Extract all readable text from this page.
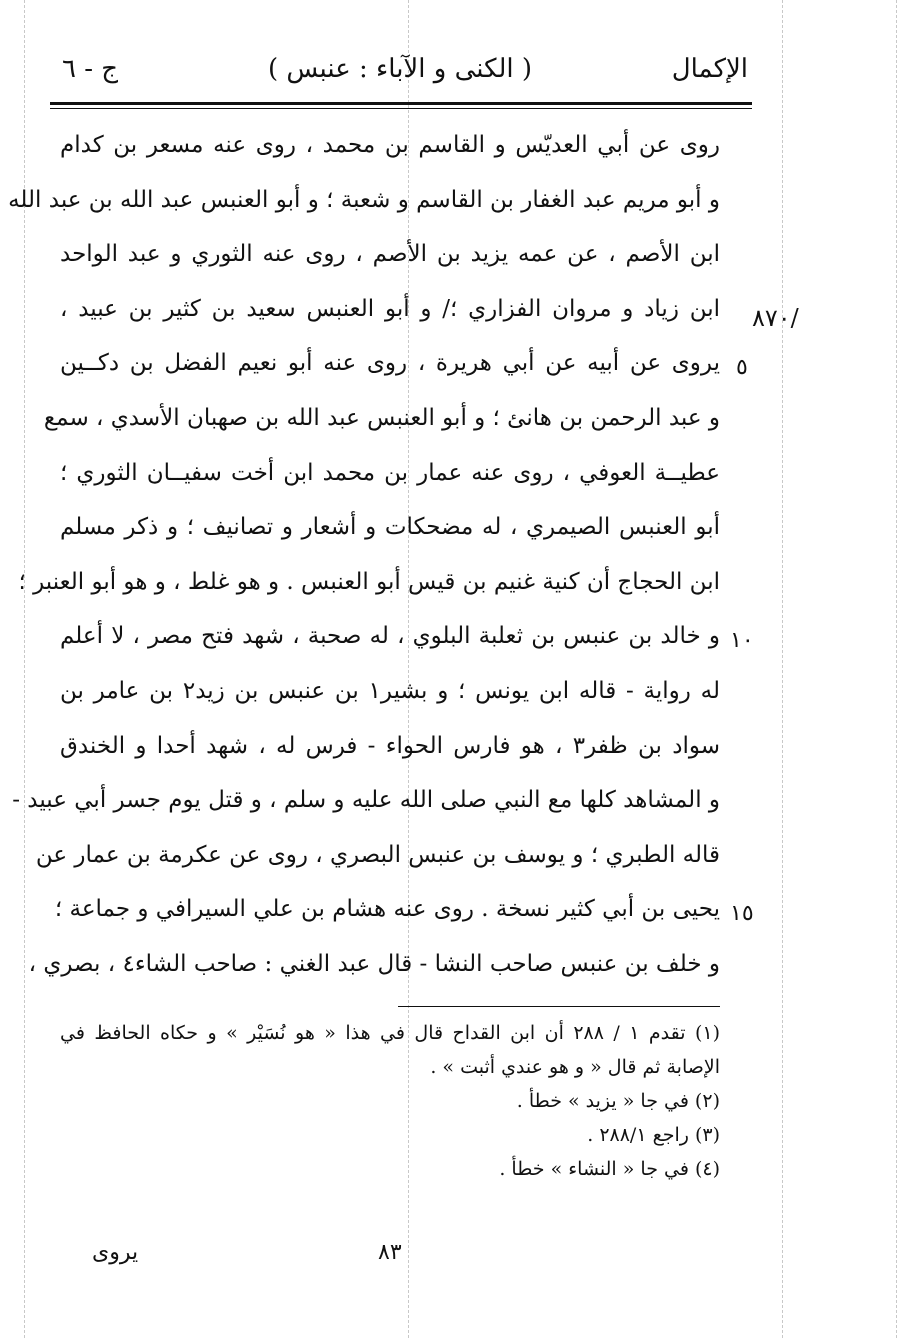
الإكمال
( الكنى و الآباء : عنبس )
ج - ٦
/٨٧٠
٥
١٠
١٥
روى عن أبي العديّس و القاسم بن محمد ، روى عنه مسعر بن كدام
و أبو مريم عبد الغفار بن القاسم و شعبة ؛ و أبو العنبس عبد الله بن عبد الله
ابن الأصم ، عن عمه يزيد بن الأصم ، روى عنه الثوري و عبد الواحد
ابن زياد و مروان الفزاري ؛/ و أبو العنبس سعيد بن كثير بن عبيد ،
يروى عن أبيه عن أبي هريرة ، روى عنه أبو نعيم الفضل بن دكــين
و عبد الرحمن بن هانئ ؛ و أبو العنبس عبد الله بن صهبان الأسدي ، سمع
عطيــة العوفي ، روى عنه عمار بن محمد ابن أخت سفيــان الثوري ؛
أبو العنبس الصيمري ، له مضحكات و أشعار و تصانيف ؛ و ذكر مسلم
ابن الحجاج أن كنية غنيم بن قيس أبو العنبس . و هو غلط ، و هو أبو العنبر ؛
و خالد بن عنبس بن ثعلبة البلوي ، له صحبة ، شهد فتح مصر ، لا أعلم
له رواية - قاله ابن يونس ؛ و بشير١ بن عنبس بن زيد٢ بن عامر بن
سواد بن ظفر٣ ، هو فارس الحواء - فرس له ، شهد أحدا و الخندق
و المشاهد كلها مع النبي صلى الله عليه و سلم ، و قتل يوم جسر أبي عبيد -
قاله الطبري ؛ و يوسف بن عنبس البصري ، روى عن عكرمة بن عمار عن
يحيى بن أبي كثير نسخة . روى عنه هشام بن علي السيرافي و جماعة ؛
و خلف بن عنبس صاحب النشا - قال عبد الغني : صاحب الشاء٤ ، بصري ،
(١) تقدم ١ / ٢٨٨ أن ابن القداح قال في هذا « هو نُسَيْر » و حكاه الحافظ في
الإصابة ثم قال « و هو عندي أثبت » .
(٢) في جا « يزيد » خطأ .
(٣) راجع ٢٨٨/١ .
(٤) في جا « النشاء » خطأ .
٨٣
يروى
